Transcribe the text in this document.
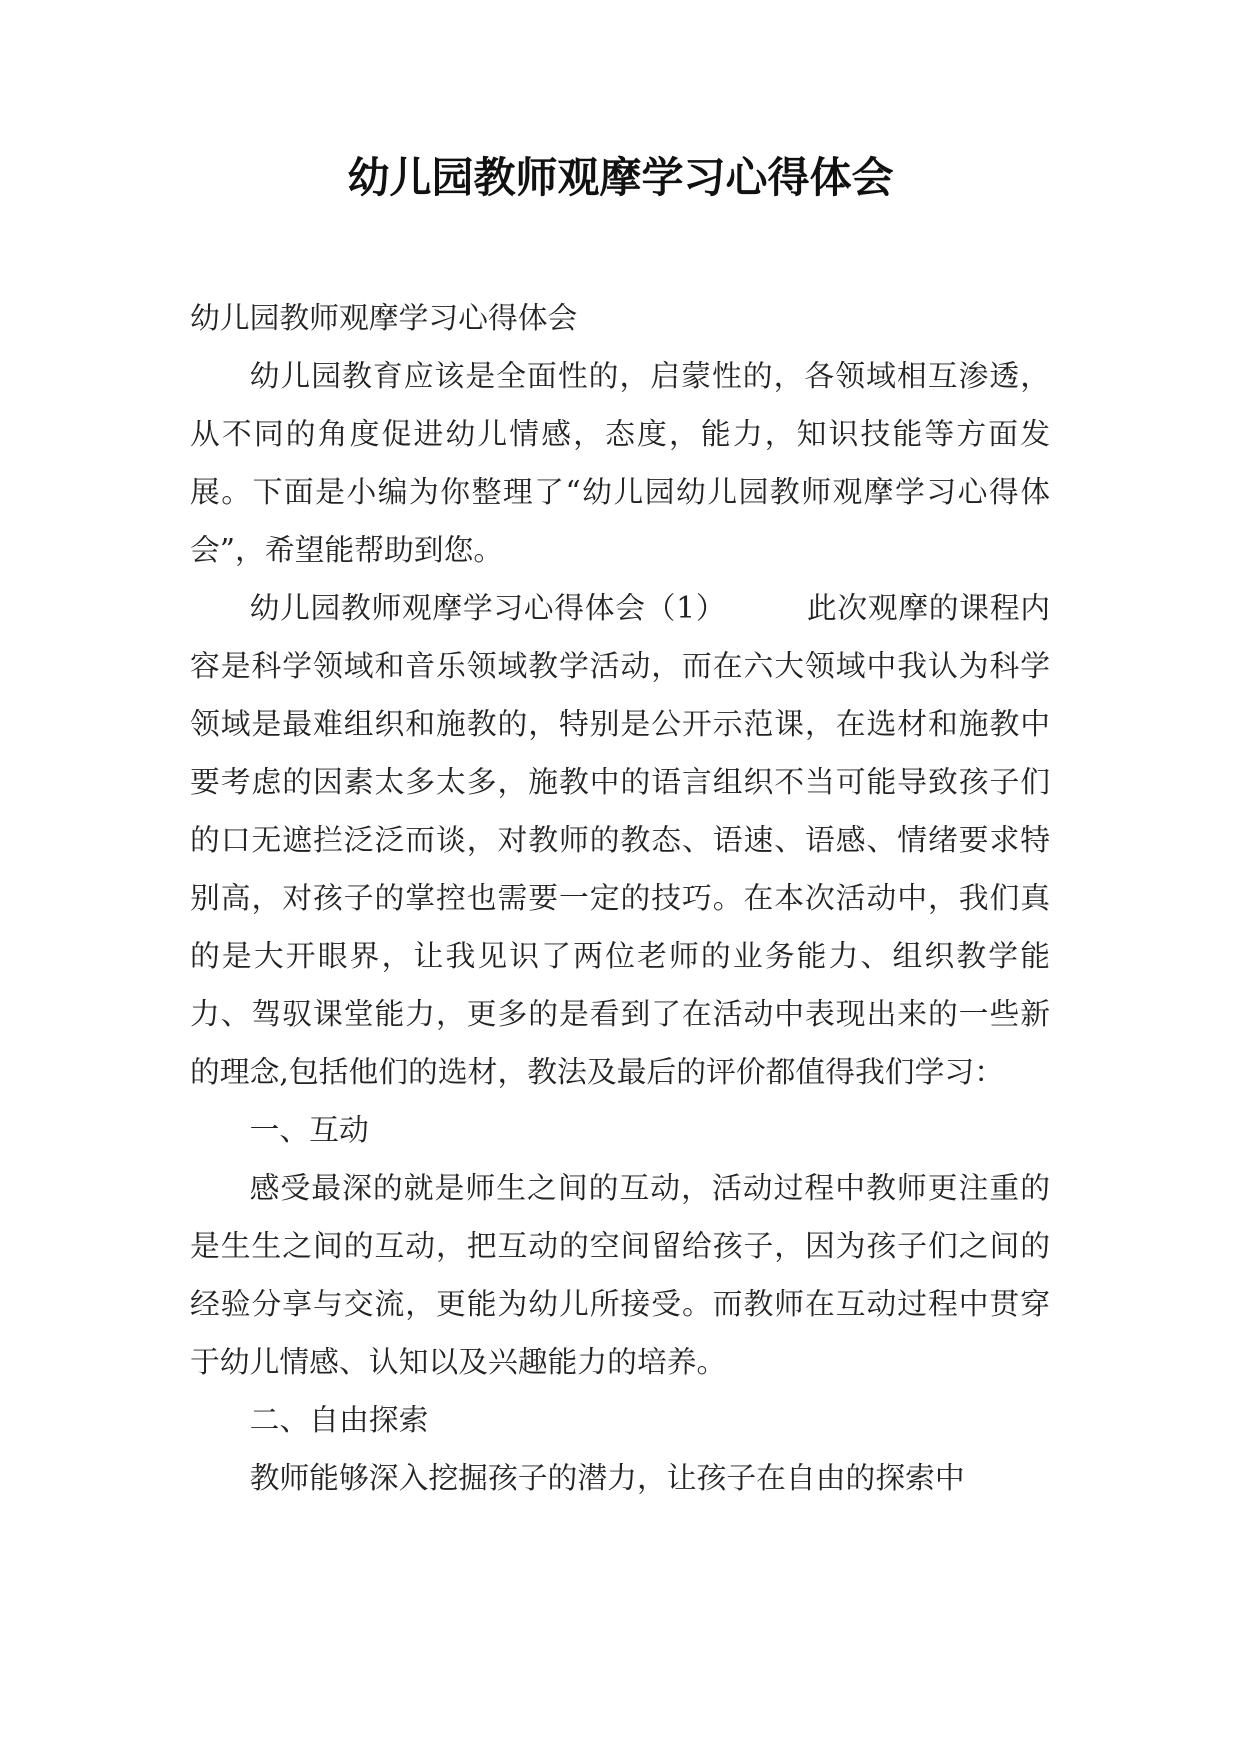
幼儿园教师观摩学习心得体会

幼儿园教师观摩学习心得体会

幼儿园教育应该是全面性的，启蒙性的，各领域相互渗透，从不同的角度促进幼儿情感，态度，能力，知识技能等方面发展。下面是小编为你整理了“幼儿园幼儿园教师观摩学习心得体会”，希望能帮助到您。

幼儿园教师观摩学习心得体会（1）	此次观摩的课程内容是科学领域和音乐领域教学活动，而在六大领域中我认为科学领域是最难组织和施教的，特别是公开示范课，在选材和施教中要考虑的因素太多太多，施教中的语言组织不当可能导致孩子们的口无遮拦泛泛而谈，对教师的教态、语速、语感、情绪要求特别高，对孩子的掌控也需要一定的技巧。在本次活动中，我们真的是大开眼界，让我见识了两位老师的业务能力、组织教学能力、驾驭课堂能力，更多的是看到了在活动中表现出来的一些新的理念,包括他们的选材，教法及最后的评价都值得我们学习：

一、互动

感受最深的就是师生之间的互动，活动过程中教师更注重的是生生之间的互动，把互动的空间留给孩子，因为孩子们之间的经验分享与交流，更能为幼儿所接受。而教师在互动过程中贯穿于幼儿情感、认知以及兴趣能力的培养。

二、自由探索

教师能够深入挖掘孩子的潜力，让孩子在自由的探索中
